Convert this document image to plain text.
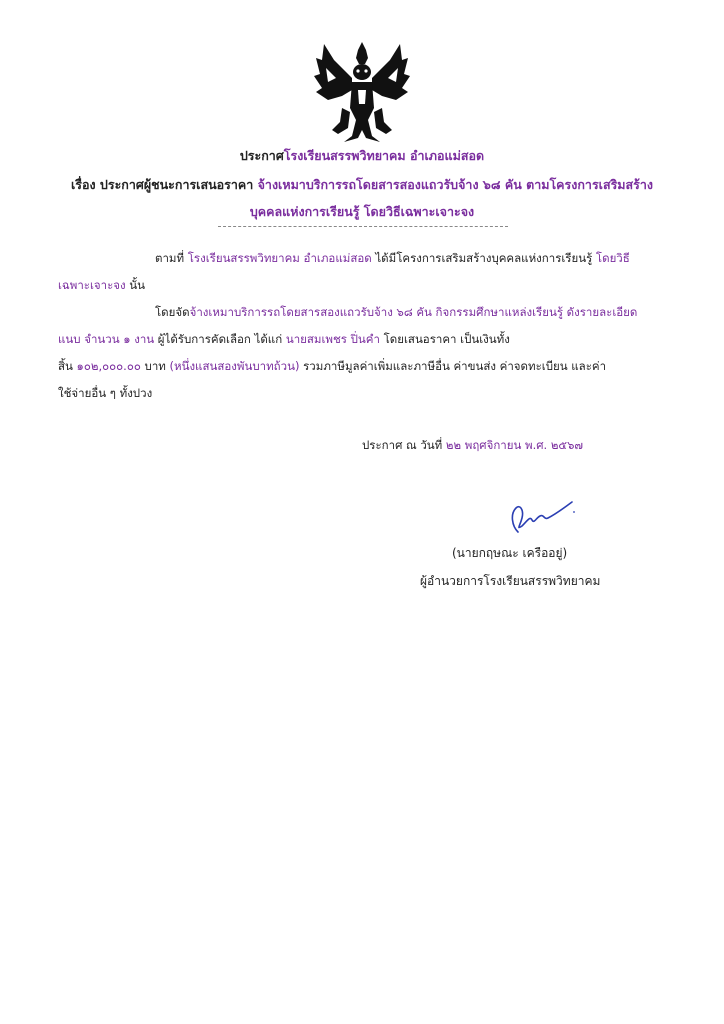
ประกาศโรงเรียนสรรพวิทยาคม อำเภอแม่สอด
เรื่อง ประกาศผู้ชนะการเสนอราคา จ้างเหมาบริการรถโดยสารสองแถวรับจ้าง ๖๘ คัน ตามโครงการเสริมสร้าง
บุคคลแห่งการเรียนรู้ โดยวิธีเฉพาะเจาะจง
ตามที่ โรงเรียนสรรพวิทยาคม อำเภอแม่สอด ได้มีโครงการเสริมสร้างบุคคลแห่งการเรียนรู้ โดยวิธี
เฉพาะเจาะจง นั้น
โดยจัดจ้างเหมาบริการรถโดยสารสองแถวรับจ้าง ๖๘ คัน กิจกรรมศึกษาแหล่งเรียนรู้ ดังรายละเอียด
แนบ จำนวน ๑ งาน ผู้ได้รับการคัดเลือก ได้แก่ นายสมเพชร ปิ่นคำ โดยเสนอราคา เป็นเงินทั้ง
สิ้น ๑๐๒,๐๐๐.๐๐ บาท (หนึ่งแสนสองพันบาทถ้วน) รวมภาษีมูลค่าเพิ่มและภาษีอื่น ค่าขนส่ง ค่าจดทะเบียน และค่า
ใช้จ่ายอื่น ๆ ทั้งปวง
ประกาศ ณ วันที่ ๒๒ พฤศจิกายน พ.ศ. ๒๕๖๗
(นายกฤษณะ เครืออยู่)
ผู้อำนวยการโรงเรียนสรรพวิทยาคม
